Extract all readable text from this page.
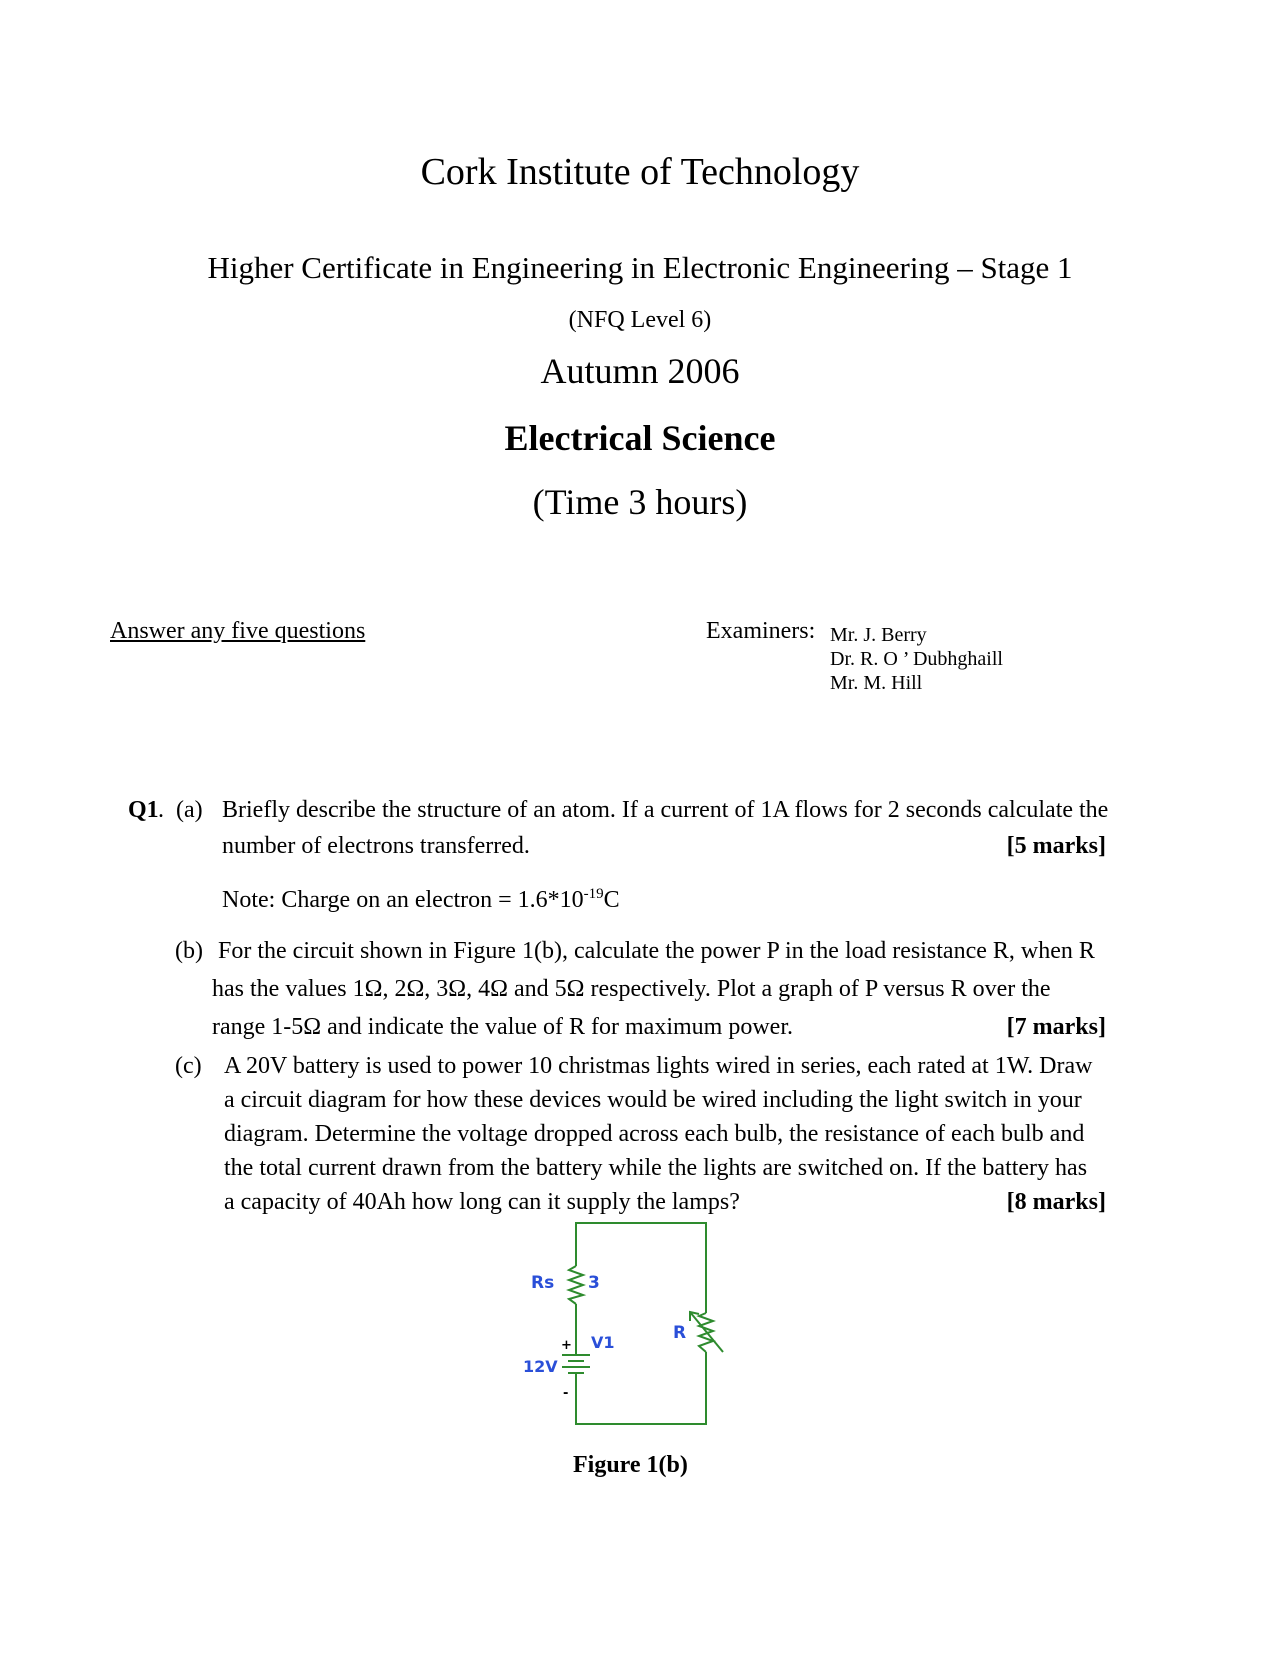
Cork Institute of Technology
Higher Certificate in Engineering in Electronic Engineering – Stage 1
(NFQ Level 6)
Autumn 2006
Electrical Science
(Time 3 hours)
Answer any five questions	Examiners: Mr. J. Berry
Dr. R. O ’ Dubhghaill
Mr. M. Hill
Q1 . (a) Briefly describe the structure of an atom. If a current of 1A flows for 2 seconds calculate the
number of electrons transferred.	[5 marks]
Note: Charge on an electron = $1.6*10^{-19}C$
(b) For the circuit shown in Figure 1(b), calculate the power P in the load resistance R, when R
has the values 1Ω, 2Ω, 3Ω, 4Ω and 5Ω respectively. Plot a graph of P versus R over the
range 1-5Ω and indicate the value of R for maximum power.	[7 marks]
(c) A 20V battery is used to power 10 christmas lights wired in series, each rated at 1W. Draw
a circuit diagram for how these devices would be wired including the light switch in your
diagram. Determine the voltage dropped across each bulb, the resistance of each bulb and
the total current drawn from the battery while the lights are switched on. If the battery has
a capacity of 40Ah how long can it supply the lamps?	[8 marks]
Rs 3
R
V1
12V
+
-
Figure 1(b)
